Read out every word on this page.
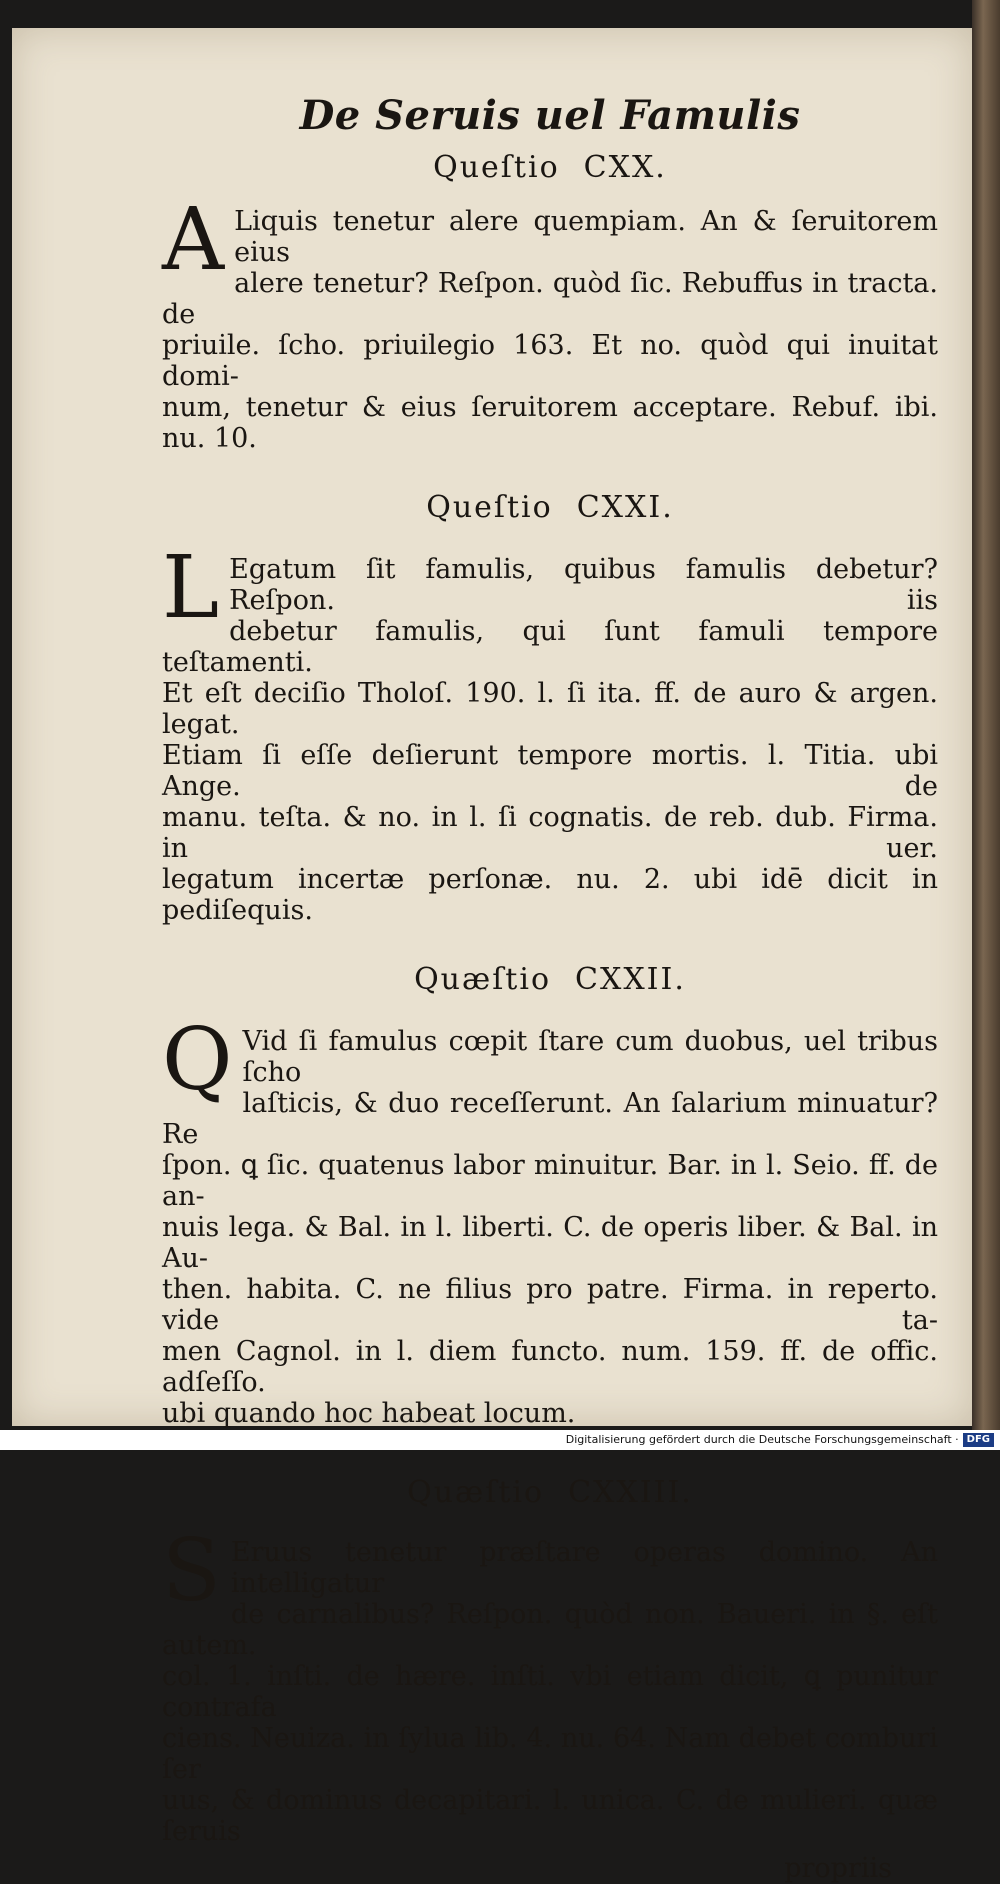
De Seruis uel Famulis
Queſtio CXX.
A Liquis tenetur alere quempiam. An & ſeruitorem eius
alere tenetur? Reſpon. quòd ſic. Rebuffus in tracta. de
priuile. ſcho. priuilegio 163. Et no. quòd qui inuitat domi-
num, tenetur & eius ſeruitorem acceptare. Rebuf. ibi. nu. 10.
Queſtio CXXI.
L Egatum ſit famulis, quibus famulis debetur? Reſpon. iis
debetur famulis, qui ſunt famuli tempore teſtamenti.
Et eſt deciſio Tholoſ. 190. l. ſi ita. ff. de auro & argen. legat.
Etiam ſi eſſe deſierunt tempore mortis. l. Titia. ubi Ange. de
manu. teſta. & no. in l. ſi cognatis. de reb. dub. Firma. in uer.
legatum incertæ perſonæ. nu. 2. ubi idē dicit in pediſequis.
Quæſtio CXXII.
Q Vid ſi famulus cœpit ſtare cum duobus, uel tribus ſcho
laſticis, & duo receſſerunt. An ſalarium minuatur? Re
ſpon. ꝗ ſic. quatenus labor minuitur. Bar. in l. Seio. ff. de an-
nuis lega. & Bal. in l. liberti. C. de operis liber. & Bal. in Au-
then. habita. C. ne filius pro patre. Firma. in reperto. vide ta-
men Cagnol. in l. diem functo. num. 159. ff. de offic. adſeſſo.
ubi quando hoc habeat locum.
Quæſtio CXXIII.
S Eruus tenetur præſtare operas domino. An intelligatur
de carnalibus? Reſpon. quòd non. Baueri. in §. eſt autem.
col. 1. inſti. de hære. inſti. vbi etiam dicit, ꝗ punitur contrafa
ciens. Neuiza. in ſylua lib. 4. nu. 64. Nam debet comburi ſer
uus, & dominus decapitari. l. unica. C. de mulieri. quæ ſeruis
propriis
Digitalisierung gefördert durch die Deutsche Forschungsgemeinschaft · DFG
